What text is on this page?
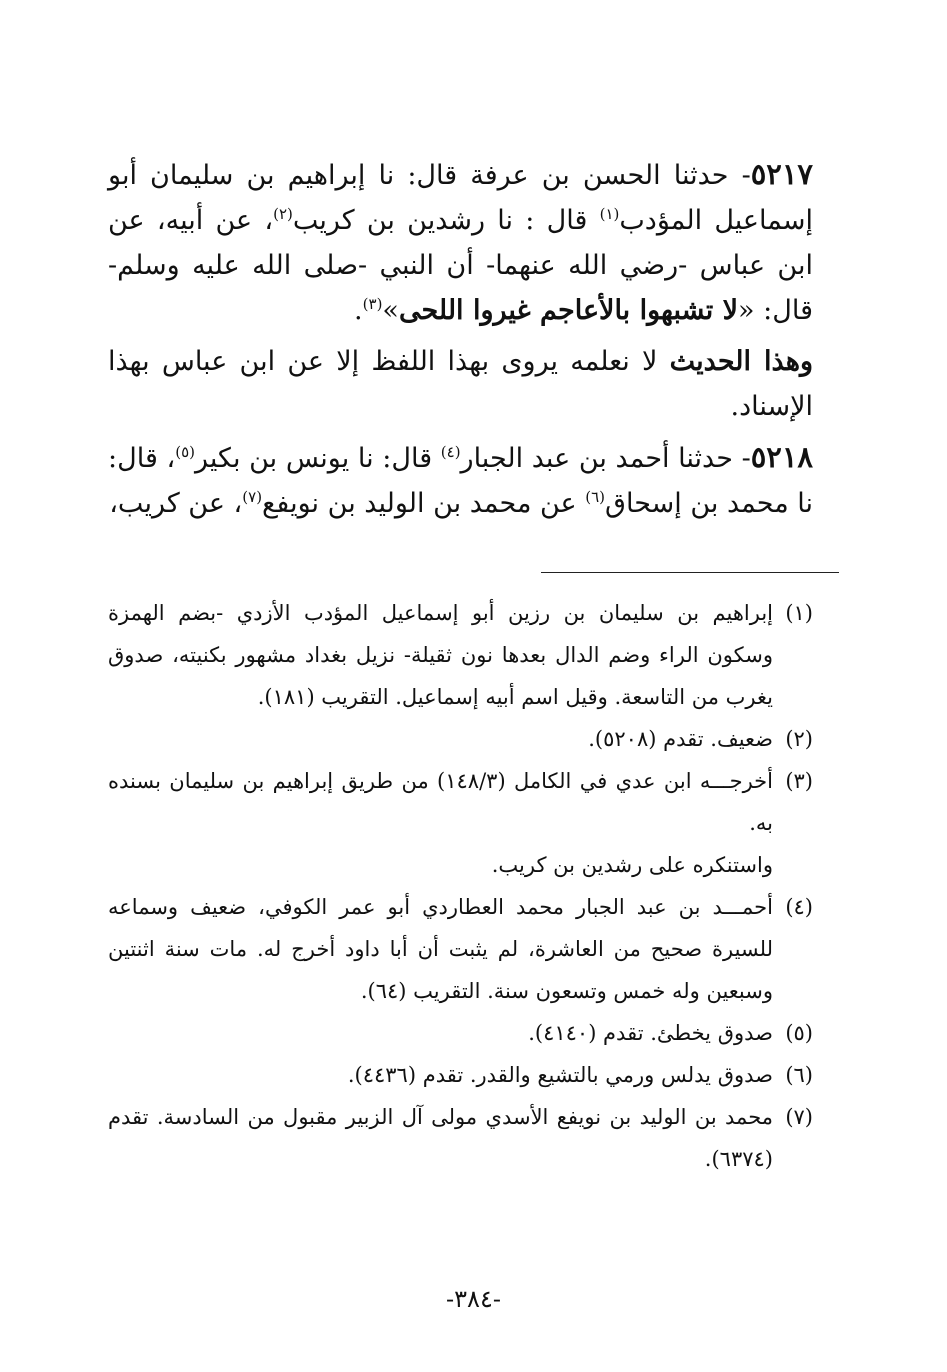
٥٢١٧- حدثنا الحسن بن عرفة قال: نا إبراهيم بن سليمان أبو إسماعيل المؤدب$^{(١)}$ قال : نا رشدين بن كريب$^{(٢)}$، عن أبيه، عن ابن عباس -رضي الله عنهما- أن النبي -صلى الله عليه وسلم- قال: «لا تشبهوا بالأعاجم غيروا اللحى»$^{(٣)}$.

وهذا الحديث لا نعلمه يروى بهذا اللفظ إلا عن ابن عباس بهذا الإسناد.

٥٢١٨- حدثنا أحمد بن عبد الجبار$^{(٤)}$ قال: نا يونس بن بكير$^{(٥)}$، قال: نا محمد بن إسحاق$^{(٦)}$ عن محمد بن الوليد بن نويفع$^{(٧)}$، عن كريب،

(١)
إبراهيم بن سليمان بن رزين أبو إسماعيل المؤدب الأزدي -بضم الهمزة وسكون الراء وضم الدال بعدها نون ثقيلة- نزيل بغداد مشهور بكنيته، صدوق يغرب من التاسعة. وقيل اسم أبيه إسماعيل. التقريب (١٨١).
(٢)
ضعيف. تقدم (٥٢٠٨).
(٣)
أخرجـــه ابن عدي في الكامل (١٤٨/٣) من طريق إبراهيم بن سليمان بسنده به.
واستنكره على رشدين بن كريب.
(٤)
أحمـــد بن عبد الجبار محمد العطاردي أبو عمر الكوفي، ضعيف وسماعه للسيرة صحيح من العاشرة، لم يثبت أن أبا داود أخرج له. مات سنة اثنتين وسبعين وله خمس وتسعون سنة. التقريب (٦٤).
(٥)
صدوق يخطئ. تقدم (٤١٤٠).
(٦)
صدوق يدلس ورمي بالتشيع والقدر. تقدم (٤٤٣٦).
(٧)
محمد بن الوليد بن نويفع الأسدي مولى آل الزبير مقبول من السادسة. تقدم (٦٣٧٤).
-٣٨٤-
